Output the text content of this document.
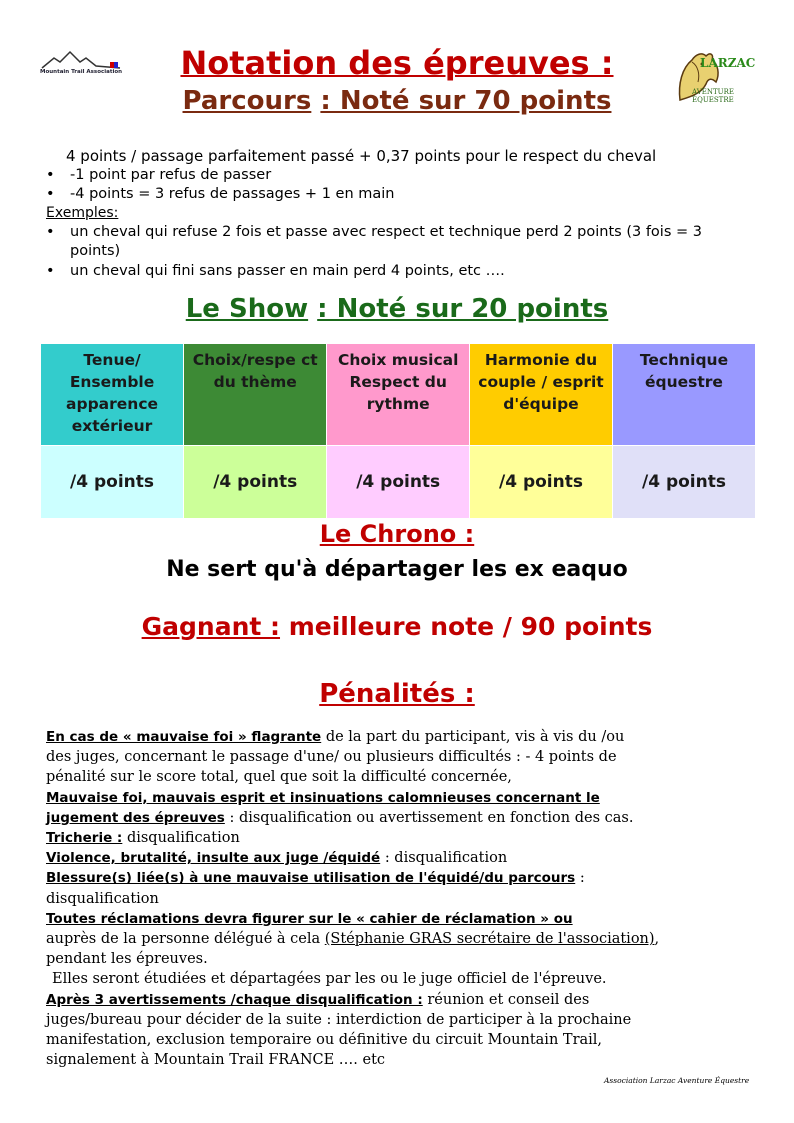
Mountain Trail Association
LARZAC
AVENTURE ÉQUESTRE
Notation des épreuves :
Parcours : Noté sur 70 points
4 points / passage parfaitement passé + 0,37 points pour le respect du cheval
• -1 point par refus de passer
• -4 points = 3 refus de passages + 1 en main
Exemples:
• un cheval qui refuse 2 fois et passe avec respect et technique perd 2 points (3 fois = 3
points)
• un cheval qui fini sans passer en main perd 4 points, etc ….
Le Show : Noté sur 20 points
Tenue/ Ensemble apparence extérieur	Choix/respe ct du thème	Choix musical Respect du rythme	Harmonie du couple / esprit d'équipe	Technique équestre
/4 points	/4 points	/4 points	/4 points	/4 points
Le Chrono :
Ne sert qu'à départager les ex eaquo
Gagnant : meilleure note / 90 points
Pénalités :
En cas de « mauvaise foi » flagrante de la part du participant, vis à vis du /ou
des juges, concernant le passage d'une/ ou plusieurs difficultés : - 4 points de
pénalité sur le score total, quel que soit la difficulté concernée,
Mauvaise foi, mauvais esprit et insinuations calomnieuses concernant le
jugement des épreuves : disqualification ou avertissement en fonction des cas.
Tricherie : disqualification
Violence, brutalité, insulte aux juge /équidé : disqualification
Blessure(s) liée(s) à une mauvaise utilisation de l'équidé/du parcours :
disqualification
Toutes réclamations devra figurer sur le « cahier de réclamation » ou
auprès de la personne délégué à cela (Stéphanie GRAS secrétaire de l'association),
pendant les épreuves.
Elles seront étudiées et départagées par les ou le juge officiel de l'épreuve.
Après 3 avertissements /chaque disqualification : réunion et conseil des
juges/bureau pour décider de la suite : interdiction de participer à la prochaine
manifestation, exclusion temporaire ou définitive du circuit Mountain Trail,
signalement à Mountain Trail FRANCE …. etc
Association Larzac Aventure Équestre
